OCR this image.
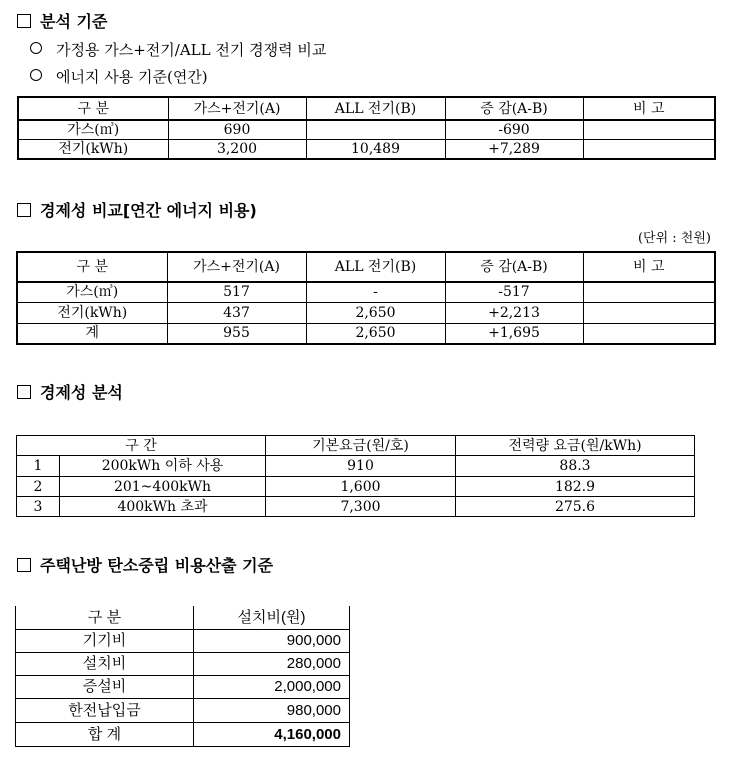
분석 기준
가정용 가스+전기/ALL 전기 경쟁력 비교
에너지 사용 기준(연간)
구 분	가스+전기(A)	ALL 전기(B)	증 감(A-B)	비 고
가스(㎥)	690		-690	
전기(kWh)	3,200	10,489	+7,289	
경제성 비교[연간 에너지 비용)
(단위 : 천원)
구 분	가스+전기(A)	ALL 전기(B)	증 감(A-B)	비 고
가스(㎥)	517	-	-517	
전기(kWh)	437	2,650	+2,213	
계	955	2,650	+1,695	
경제성 분석
구 간		기본요금(원/호)	전력량 요금(원/kWh)
1	200kWh 이하 사용	910	88.3
2	201~400kWh	1,600	182.9
3	400kWh 초과	7,300	275.6
주택난방 탄소중립 비용산출 기준
구 분	설치비(원)
기기비	900,000
설치비	280,000
증설비	2,000,000
한전납입금	980,000
합 계	4,160,000
